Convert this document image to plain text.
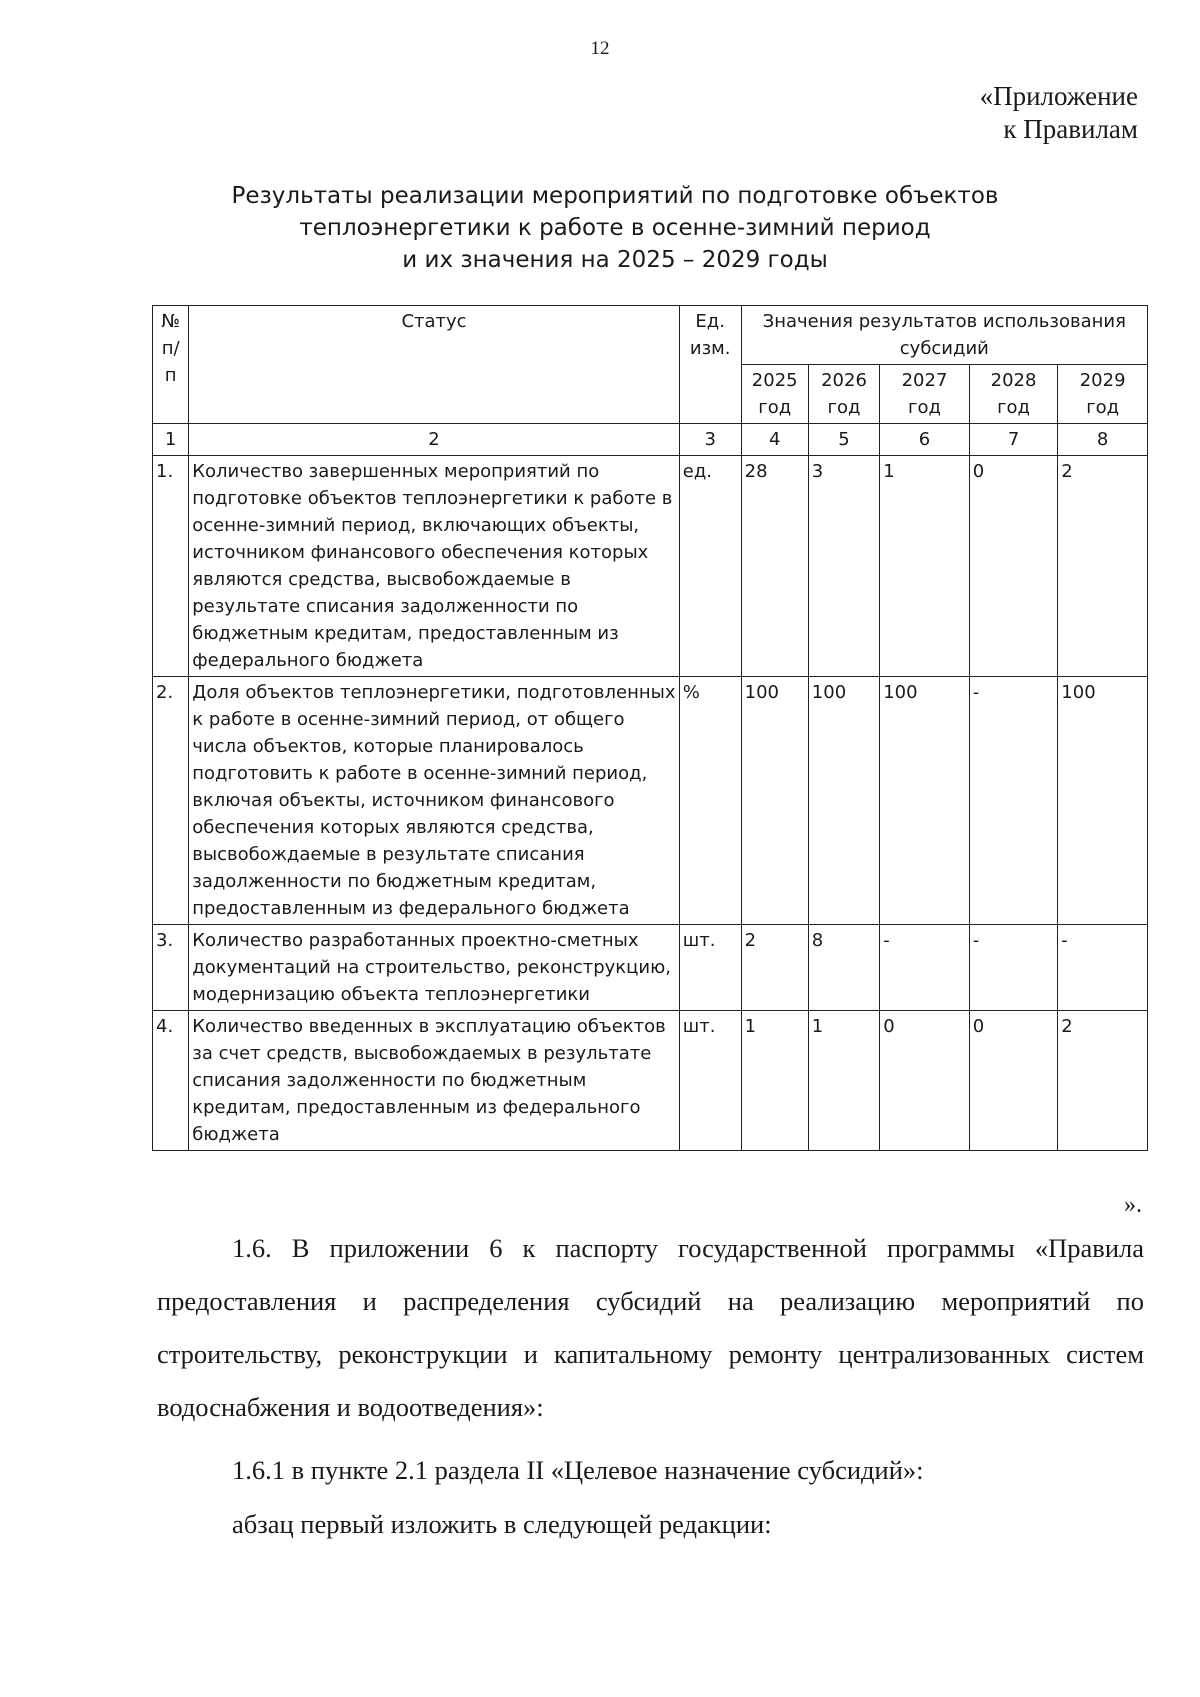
12
«Приложение
к Правилам
Результаты реализации мероприятий по подготовке объектов
теплоэнергетики к работе в осенне-зимний период
и их значения на 2025 – 2029 годы
№ п/п	Статус	Ед. изм.	Значения результатов использования субсидий				
			2025 год	2026 год	2027 год	2028 год	2029 год
1	2	3	4	5	6	7	8
1.	Количество завершенных мероприятий по подготовке объектов теплоэнергетики к работе в осенне-зимний период, включающих объекты, источником финансового обеспечения которых являются средства, высвобождаемые в результате списания задолженности по бюджетным кредитам, предоставленным из федерального бюджета	ед.	28	3	1	0	2
2.	Доля объектов теплоэнергетики, подготовленных к работе в осенне-зимний период, от общего числа объектов, которые планировалось подготовить к работе в осенне-зимний период, включая объекты, источником финансового обеспечения которых являются средства, высвобождаемые в результате списания задолженности по бюджетным кредитам, предоставленным из федерального бюджета	%	100	100	100	-	100
3.	Количество разработанных проектно-сметных документаций на строительство, реконструкцию, модернизацию объекта теплоэнергетики	шт.	2	8	-	-	-
4.	Количество введенных в эксплуатацию объектов за счет средств, высвобождаемых в результате списания задолженности по бюджетным кредитам, предоставленным из федерального бюджета	шт.	1	1	0	0	2
».

1.6. В приложении 6 к паспорту государственной программы «Правила предоставления и распределения субсидий на реализацию мероприятий по строительству, реконструкции и капитальному ремонту централизованных систем водоснабжения и водоотведения»:

1.6.1 в пункте 2.1 раздела II «Целевое назначение субсидий»:

абзац первый изложить в следующей редакции:
